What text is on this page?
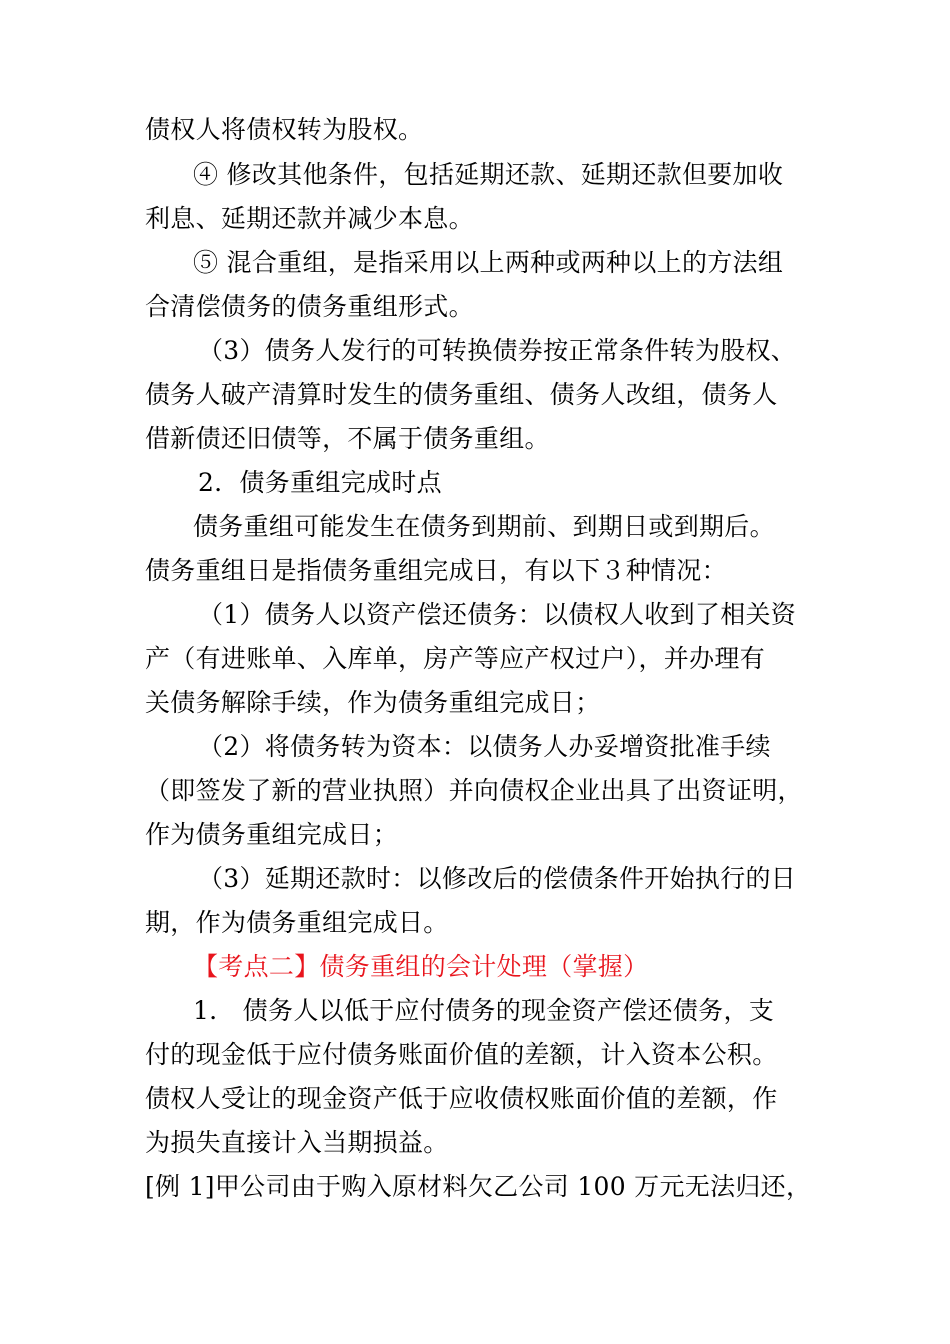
债权人将债权转为股权。
④ 修改其他条件，包括延期还款、延期还款但要加收
利息、延期还款并减少本息。
⑤ 混合重组，是指采用以上两种或两种以上的方法组
合清偿债务的债务重组形式。
（3）债务人发行的可转换债券按正常条件转为股权、
债务人破产清算时发生的债务重组、债务人改组，债务人
借新债还旧债等，不属于债务重组。
2．债务重组完成时点
债务重组可能发生在债务到期前、到期日或到期后。
债务重组日是指债务重组完成日，有以下３种情况：
（1）债务人以资产偿还债务：以债权人收到了相关资
产（有进账单、入库单，房产等应产权过户），并办理有
关债务解除手续，作为债务重组完成日；
（2）将债务转为资本：以债务人办妥增资批准手续
（即签发了新的营业执照）并向债权企业出具了出资证明，
作为债务重组完成日；
（3）延期还款时：以修改后的偿债条件开始执行的日
期，作为债务重组完成日。
【考点二】债务重组的会计处理（掌握）
1． 债务人以低于应付债务的现金资产偿还债务，支
付的现金低于应付债务账面价值的差额，计入资本公积。
债权人受让的现金资产低于应收债权账面价值的差额，作
为损失直接计入当期损益。
[例 1]甲公司由于购入原材料欠乙公司 100 万元无法归还，
